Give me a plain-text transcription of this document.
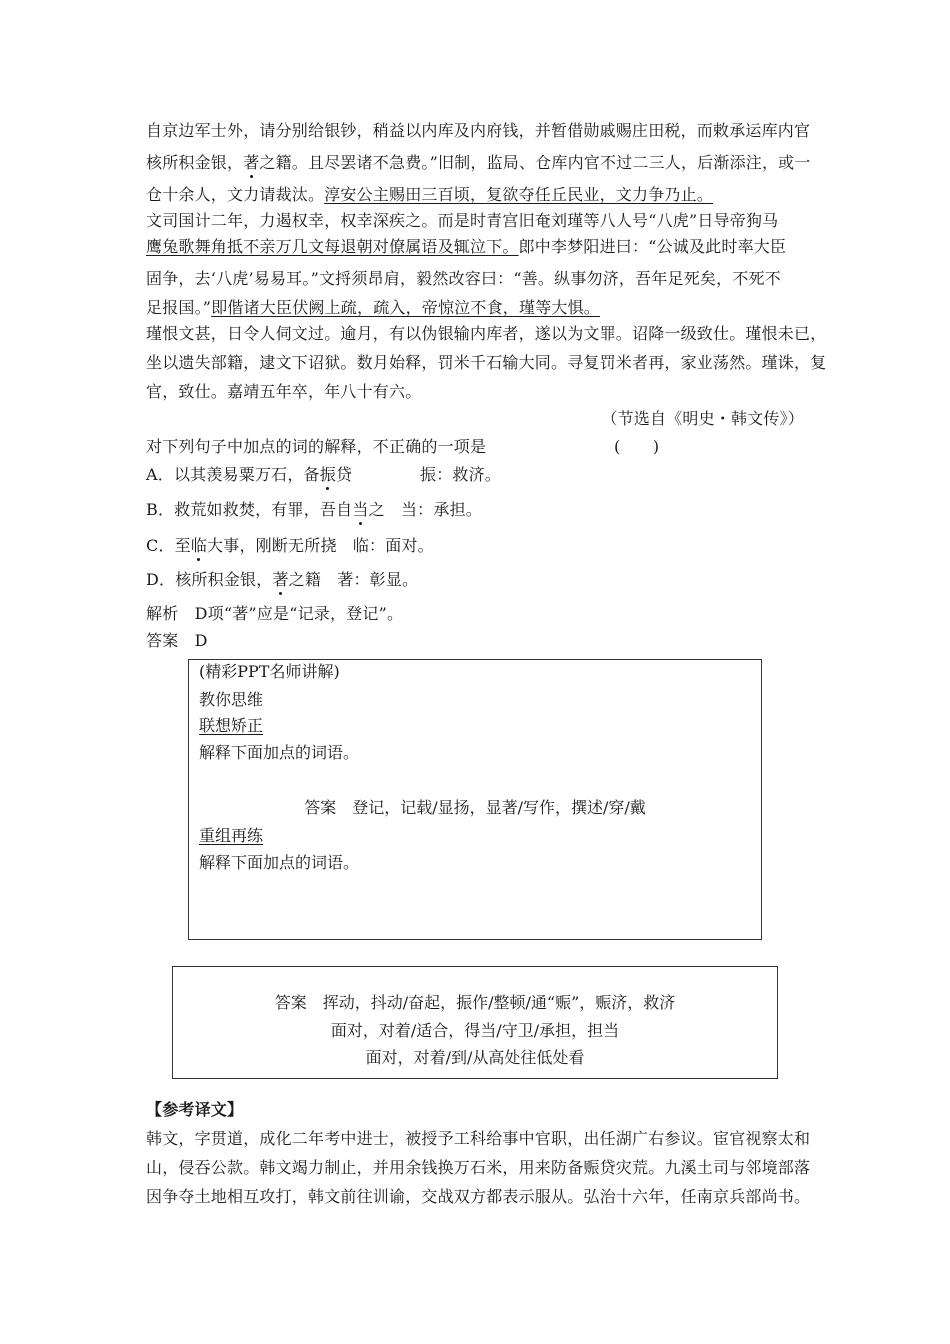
自京边军士外，请分别给银钞，稍益以内库及内府钱，并暂借勋戚赐庄田税，而敕承运库内官
核所积金银，著之籍。且尽罢诸不急费。”旧制，监局、仓库内官不过二三人，后渐添注，或一
仓十余人，文力请裁汰。淳安公主赐田三百顷，复欲夺任丘民业，文力争乃止。
文司国计二年，力遏权幸，权幸深疾之。而是时青宫旧奄刘瑾等八人号“八虎”日导帝狗马
鹰兔歌舞角抵不亲万几文每退朝对僚属语及辄泣下。郎中李梦阳进曰：“公诚及此时率大臣
固争，去‘八虎’易易耳。”文捋须昂肩，毅然改容曰：“善。纵事勿济，吾年足死矣，不死不
足报国。”即偕诸大臣伏阙上疏，疏入，帝惊泣不食，瑾等大惧。
瑾恨文甚，日令人伺文过。逾月，有以伪银输内库者，遂以为文罪。诏降一级致仕。瑾恨未已，
坐以遗失部籍，逮文下诏狱。数月始释，罚米千石输大同。寻复罚米者再，家业荡然。瑾诛，复
官，致仕。嘉靖五年卒，年八十有六。
（节选自《明史・韩文传》）
对下列句子中加点的词的解释，不正确的一项是	(　　)
A．以其羡易粟万石，备振贷	振：救济。
B．救荒如救焚，有罪，吾自当之　当：承担。
C．至临大事，刚断无所挠　临：面对。
D．核所积金银，著之籍　著：彰显。
解析　D项“著”应是“记录，登记”。
答案　D
(精彩PPT名师讲解)
教你思维
联想矫正
解释下面加点的词语。
答案　登记，记载/显扬，显著/写作，撰述/穿/戴
重组再练
解释下面加点的词语。
答案　挥动，抖动/奋起，振作/整顿/通“赈”，赈济，救济
面对，对着/适合，得当/守卫/承担，担当
面对，对着/到/从高处往低处看
【参考译文】
韩文，字贯道，成化二年考中进士，被授予工科给事中官职，出任湖广右参议。宦官视察太和
山，侵吞公款。韩文竭力制止，并用余钱换万石米，用来防备赈贷灾荒。九溪土司与邻境部落
因争夺土地相互攻打，韩文前往训谕，交战双方都表示服从。弘治十六年，任南京兵部尚书。
